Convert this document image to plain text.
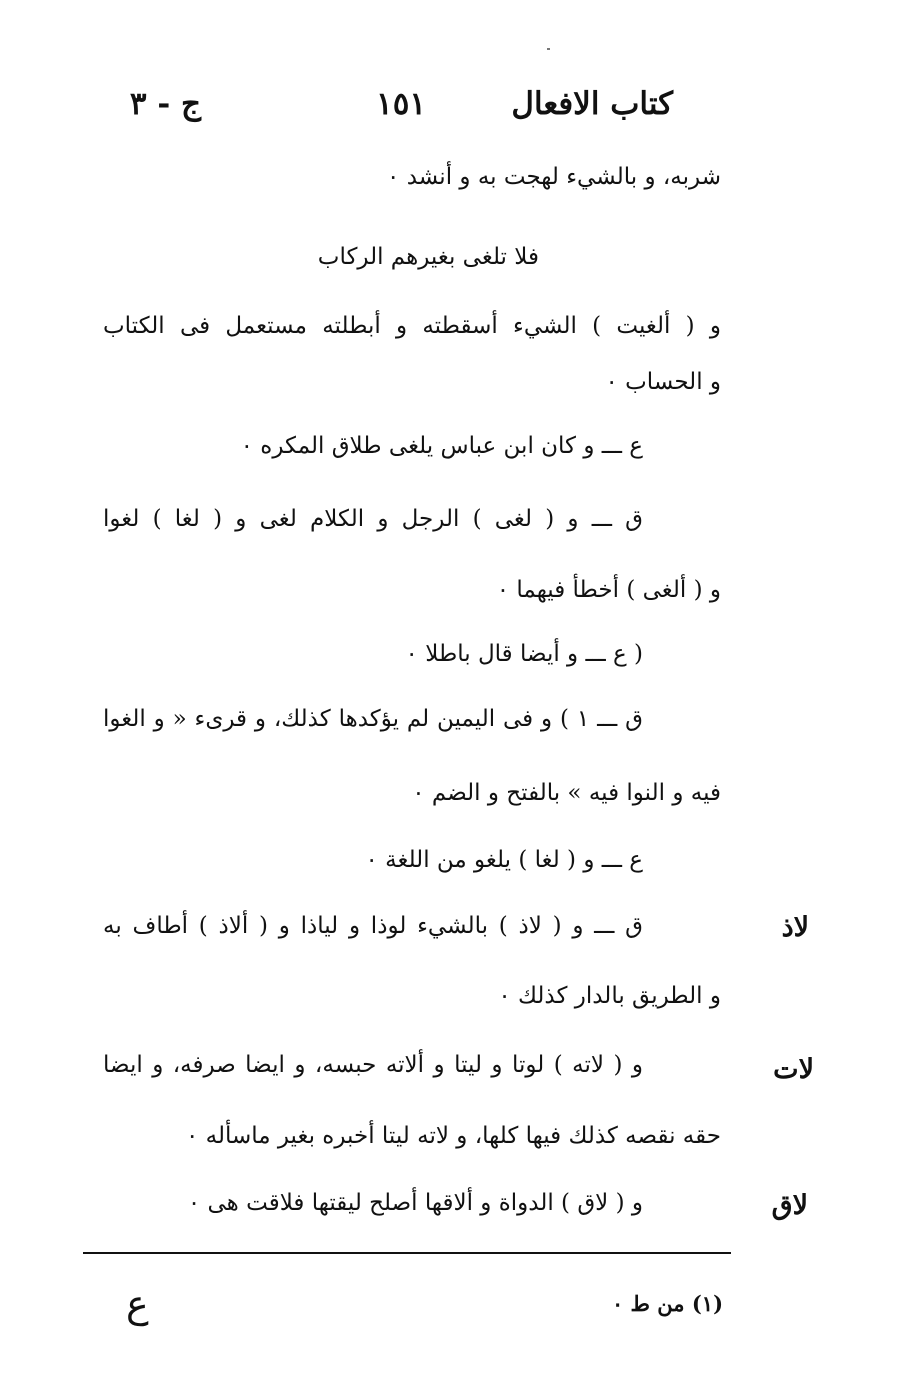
كتاب الافعال
١٥١
ج - ٣
شربه، و بالشيء لهجت به و أنشد ٠
فلا تلغى بغيرهم الركاب
و ( ألغيت ) الشيء أسقطته و أبطلته مستعمل فى الكتاب
و الحساب ٠
ع ـــ و كان ابن عباس يلغى طلاق المكره ٠
ق ـــ و ( لغى ) الرجل و الكلام لغى و ( لغا ) لغوا
و ( ألغى ) أخطأ فيهما ٠
( ع ـــ و أيضا قال باطلا ٠
ق ـــ ١ ) و فى اليمين لم يؤكدها كذلك، و قرىء « و الغوا
فيه و النوا فيه » بالفتح و الضم ٠
ع ـــ و ( لغا ) يلغو من اللغة ٠
ق ـــ و ( لاذ ) بالشيء لوذا و لياذا و ( ألاذ ) أطاف به
و الطريق بالدار كذلك ٠
و ( لاته ) لوتا و ليتا و ألاته حبسه، و ايضا صرفه، و ايضا
حقه نقصه كذلك فيها كلها، و لاته ليتا أخبره بغير ماسأله ٠
و ( لاق ) الدواة و ألاقها أصلح ليقتها فلاقت هى ٠
لاذ
لات
لاق
(١) من ط ٠
ع
